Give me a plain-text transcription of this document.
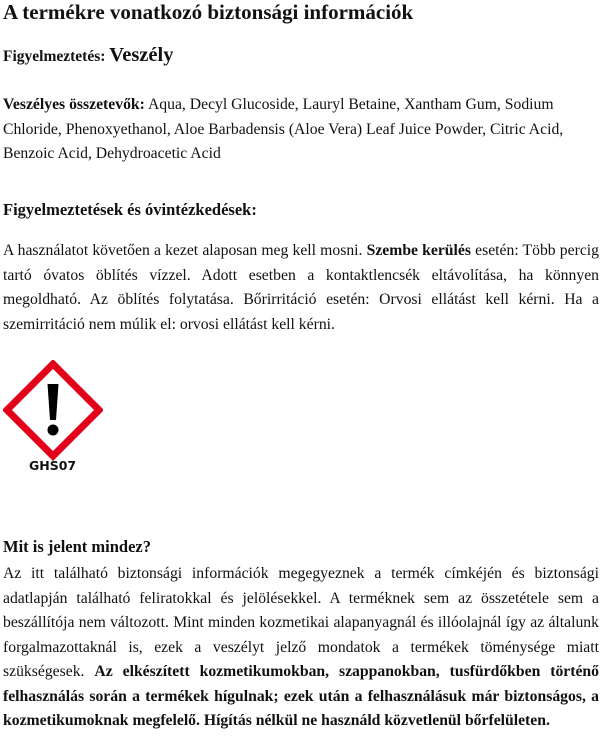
A termékre vonatkozó biztonsági információk
Figyelmeztetés: Veszély

Veszélyes összetevők: Aqua, Decyl Glucoside, Lauryl Betaine, Xantham Gum, Sodium Chloride, Phenoxyethanol, Aloe Barbadensis (Aloe Vera) Leaf Juice Powder, Citric Acid, Benzoic Acid, Dehydroacetic Acid

Figyelmeztetések és óvintézkedések:

A használatot követően a kezet alaposan meg kell mosni. Szembe kerülés esetén: Több percig tartó óvatos öblítés vízzel. Adott esetben a kontaktlencsék eltávolítása, ha könnyen megoldható. Az öblítés folytatása. Bőrirritáció esetén: Orvosi ellátást kell kérni. Ha a szemirritáció nem múlik el: orvosi ellátást kell kérni.

GHS07
Mit is jelent mindez?

Az itt található biztonsági információk megegyeznek a termék címkéjén és biztonsági adatlapján található feliratokkal és jelölésekkel. A terméknek sem az összetétele sem a beszállítója nem változott. Mint minden kozmetikai alapanyagnál és illóolajnál így az általunk forgalmazottaknál is, ezek a veszélyt jelző mondatok a termékek töménysége miatt szükségesek. Az elkészített kozmetikumokban, szappanokban, tusfürdőkben történő felhasználás során a termékek hígulnak; ezek után a felhasználásuk már biztonságos, a kozmetikumoknak megfelelő. Hígítás nélkül ne használd közvetlenül bőrfelületen.
